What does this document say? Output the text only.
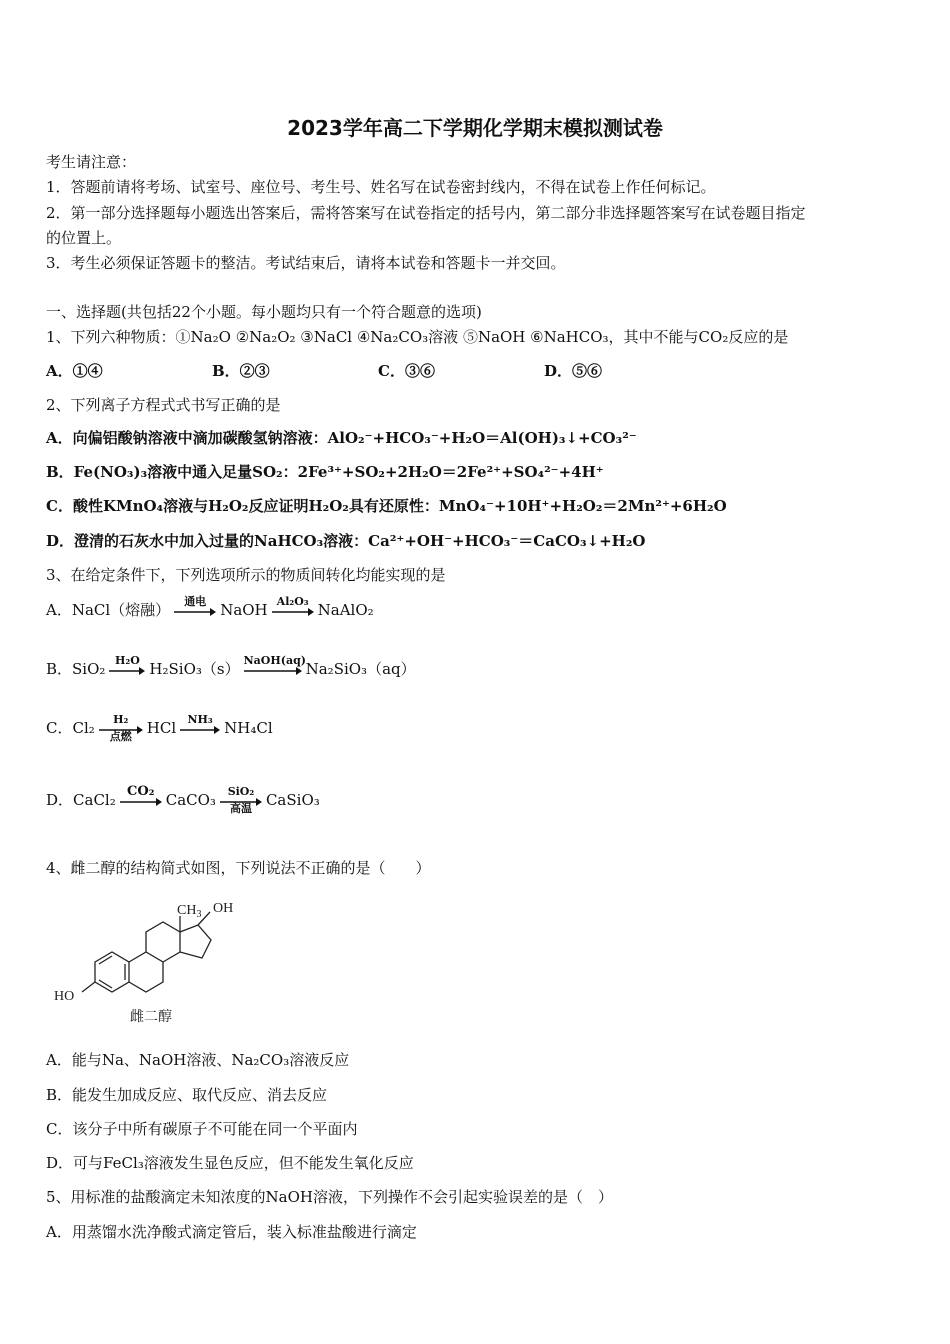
2023学年高二下学期化学期末模拟测试卷
考生请注意：
1．答题前请将考场、试室号、座位号、考生号、姓名写在试卷密封线内，不得在试卷上作任何标记。
2．第一部分选择题每小题选出答案后，需将答案写在试卷指定的括号内，第二部分非选择题答案写在试卷题目指定
的位置上。
3．考生必须保证答题卡的整洁。考试结束后，请将本试卷和答题卡一并交回。
一、选择题(共包括22个小题。每小题均只有一个符合题意的选项)
1、下列六种物质：①Na₂O ②Na₂O₂ ③NaCl ④Na₂CO₃溶液 ⑤NaOH ⑥NaHCO₃，其中不能与CO₂反应的是
A．①④	B．②③	C．③⑥	D．⑤⑥
2、下列离子方程式式书写正确的是
A．向偏铝酸钠溶液中滴加碳酸氢钠溶液：AlO₂⁻+HCO₃⁻+H₂O＝Al(OH)₃↓+CO₃²⁻
B．Fe(NO₃)₃溶液中通入足量SO₂：2Fe³⁺+SO₂+2H₂O＝2Fe²⁺+SO₄²⁻+4H⁺
C．酸性KMnO₄溶液与H₂O₂反应证明H₂O₂具有还原性：MnO₄⁻+10H⁺+H₂O₂＝2Mn²⁺+6H₂O
D．澄清的石灰水中加入过量的NaHCO₃溶液：Ca²⁺+OH⁻+HCO₃⁻＝CaCO₃↓+H₂O
3、在给定条件下，下列选项所示的物质间转化均能实现的是
A．NaCl（熔融）	通电 NaOH Al₂O₃ NaAlO₂
B．SiO₂ H₂O H₂SiO₃（s） NaOH(aq) Na₂SiO₃（aq）
C．Cl₂	H₂
点燃	HCl	NH₃ NH₄Cl
D．CaCl₂ CO₂ CaCO₃	SiO₂
高温 CaSiO₃
4、雌二醇的结构简式如图，下列说法不正确的是（　　）
$CH_3$ OH
HO
雌二醇
A．能与Na、NaOH溶液、Na₂CO₃溶液反应
B．能发生加成反应、取代反应、消去反应
C．该分子中所有碳原子不可能在同一个平面内
D．可与FeCl₃溶液发生显色反应，但不能发生氧化反应
5、用标准的盐酸滴定未知浓度的NaOH溶液，下列操作不会引起实验误差的是（　）
A．用蒸馏水洗净酸式滴定管后，装入标准盐酸进行滴定
